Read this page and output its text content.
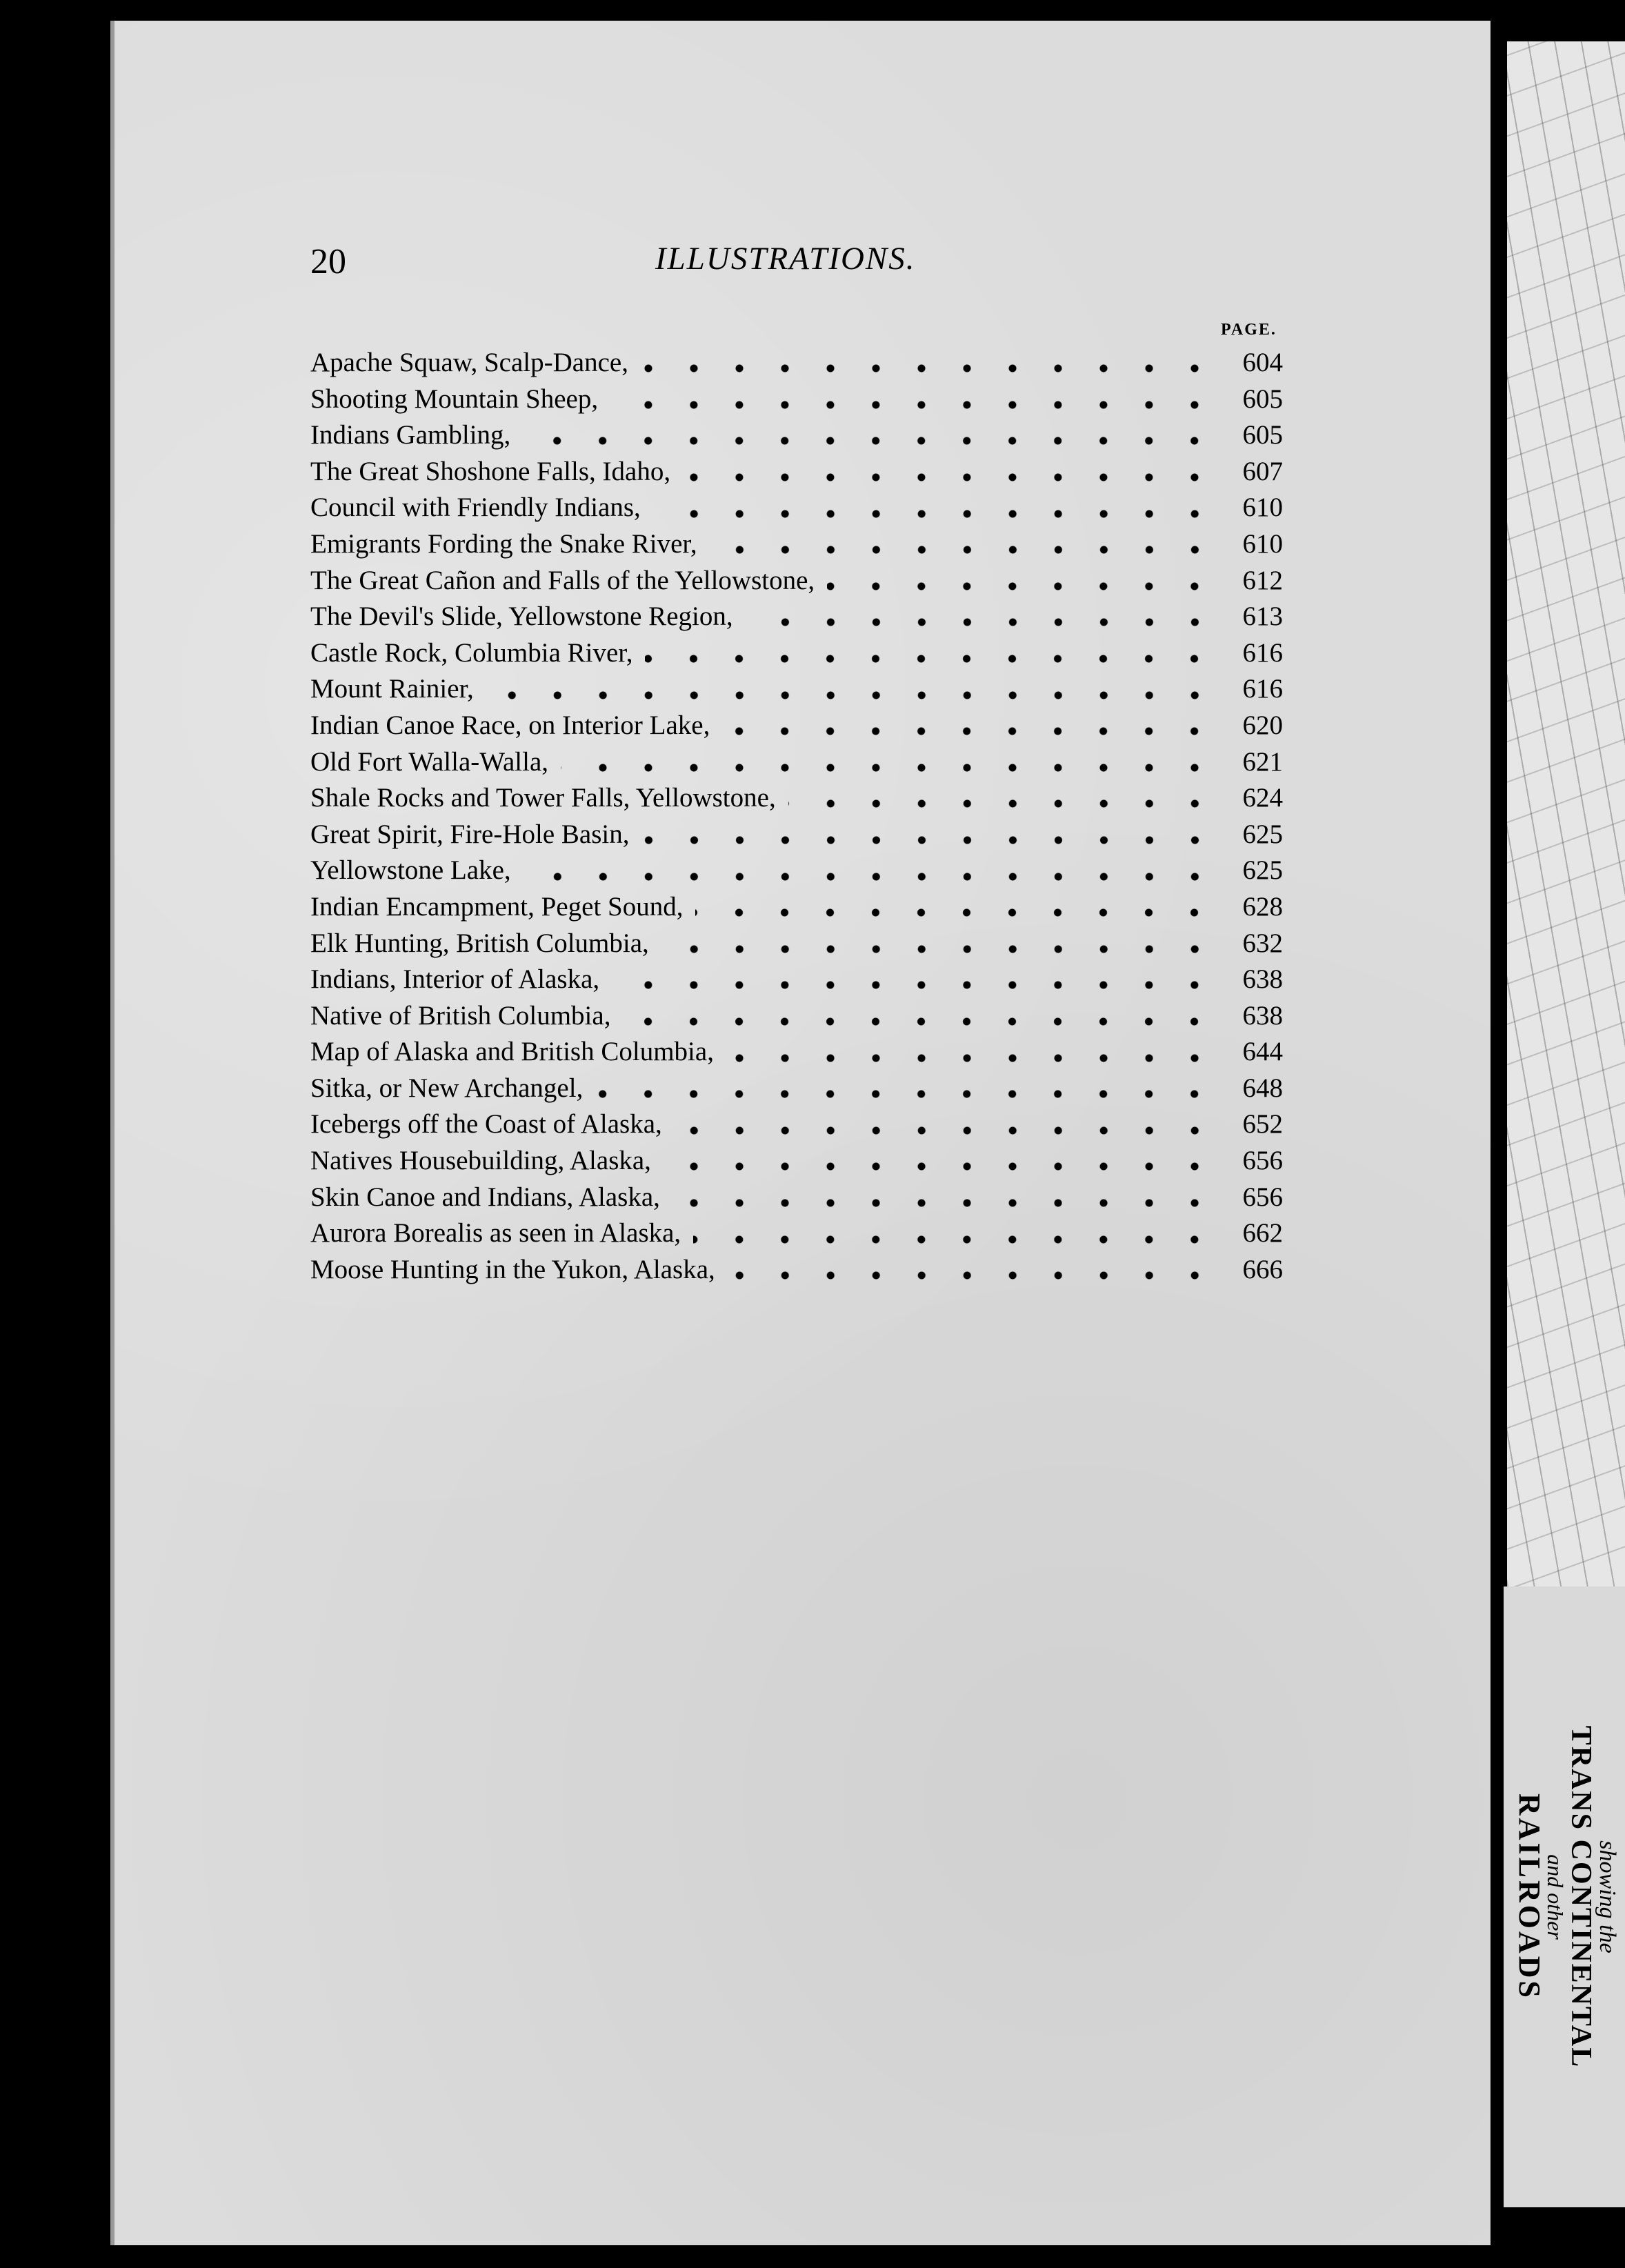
20	ILLUSTRATIONS.
PAGE.
Apache Squaw, Scalp-Dance,	604
Shooting Mountain Sheep,	605
Indians Gambling,	605
The Great Shoshone Falls, Idaho,	607
Council with Friendly Indians,	610
Emigrants Fording the Snake River,	610
The Great Cañon and Falls of the Yellowstone,	612
The Devil's Slide, Yellowstone Region,	613
Castle Rock, Columbia River,	616
Mount Rainier,	616
Indian Canoe Race, on Interior Lake,	620
Old Fort Walla-Walla,	621
Shale Rocks and Tower Falls, Yellowstone,	624
Great Spirit, Fire-Hole Basin,	625
Yellowstone Lake,	625
Indian Encampment, Peget Sound,	628
Elk Hunting, British Columbia,	632
Indians, Interior of Alaska,	638
Native of British Columbia,	638
Map of Alaska and British Columbia,	644
Sitka, or New Archangel,	648
Icebergs off the Coast of Alaska,	652
Natives Housebuilding, Alaska,	656
Skin Canoe and Indians, Alaska,	656
Aurora Borealis as seen in Alaska,	662
Moose Hunting in the Yukon, Alaska,	666
showing the
TRANS CONTINENTAL
and other
RAILROADS
